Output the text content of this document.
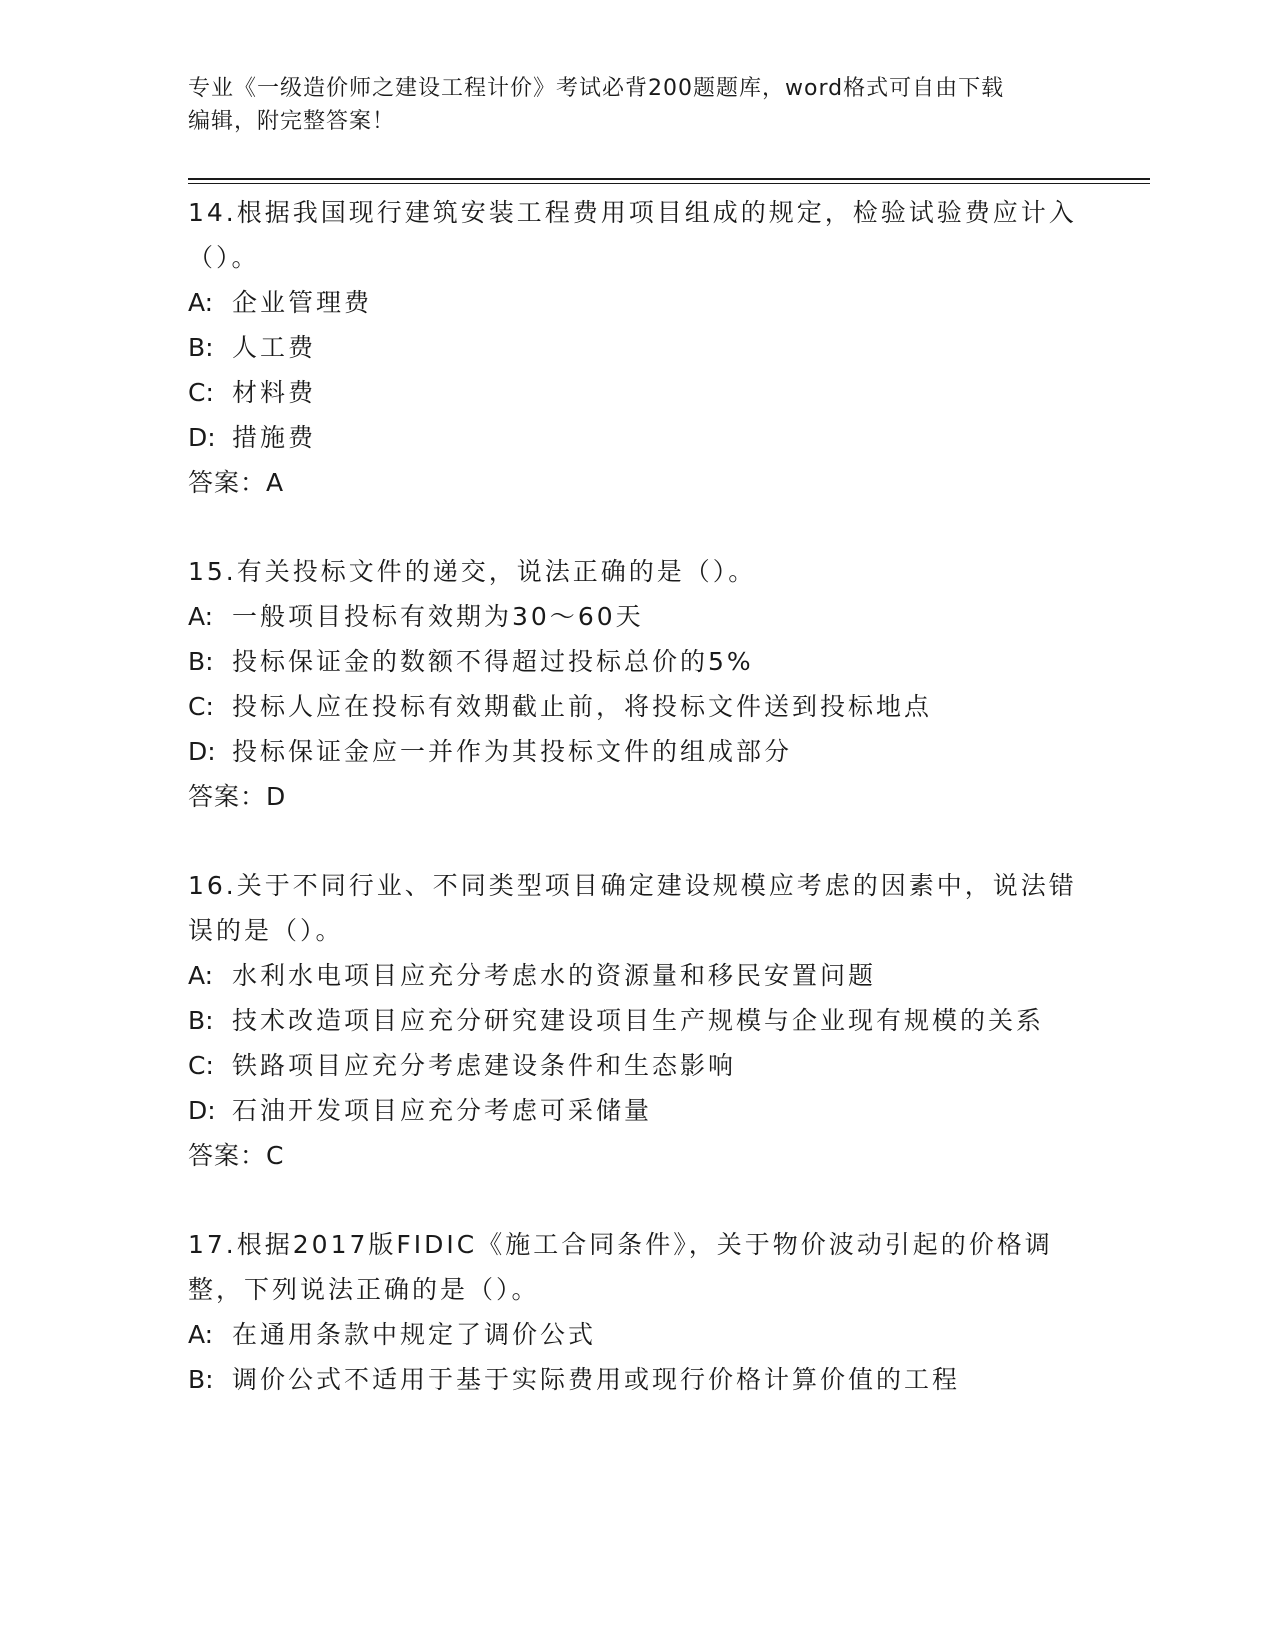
专业《一级造价师之建设工程计价》考试必背200题题库，word格式可自由下载
编辑，附完整答案！

14.根据我国现行建筑安装工程费用项目组成的规定，检验试验费应计入（）。

A: 企业管理费

B: 人工费

C: 材料费

D: 措施费

答案：A

15.有关投标文件的递交，说法正确的是（）。

A: 一般项目投标有效期为30～60天

B: 投标保证金的数额不得超过投标总价的5%

C: 投标人应在投标有效期截止前，将投标文件送到投标地点

D: 投标保证金应一并作为其投标文件的组成部分

答案：D

16.关于不同行业、不同类型项目确定建设规模应考虑的因素中，说法错误的是（）。

A: 水利水电项目应充分考虑水的资源量和移民安置问题

B: 技术改造项目应充分研究建设项目生产规模与企业现有规模的关系

C: 铁路项目应充分考虑建设条件和生态影响

D: 石油开发项目应充分考虑可采储量

答案：C

17.根据2017版FIDIC《施工合同条件》，关于物价波动引起的价格调整，下列说法正确的是（）。

A: 在通用条款中规定了调价公式

B: 调价公式不适用于基于实际费用或现行价格计算价值的工程
